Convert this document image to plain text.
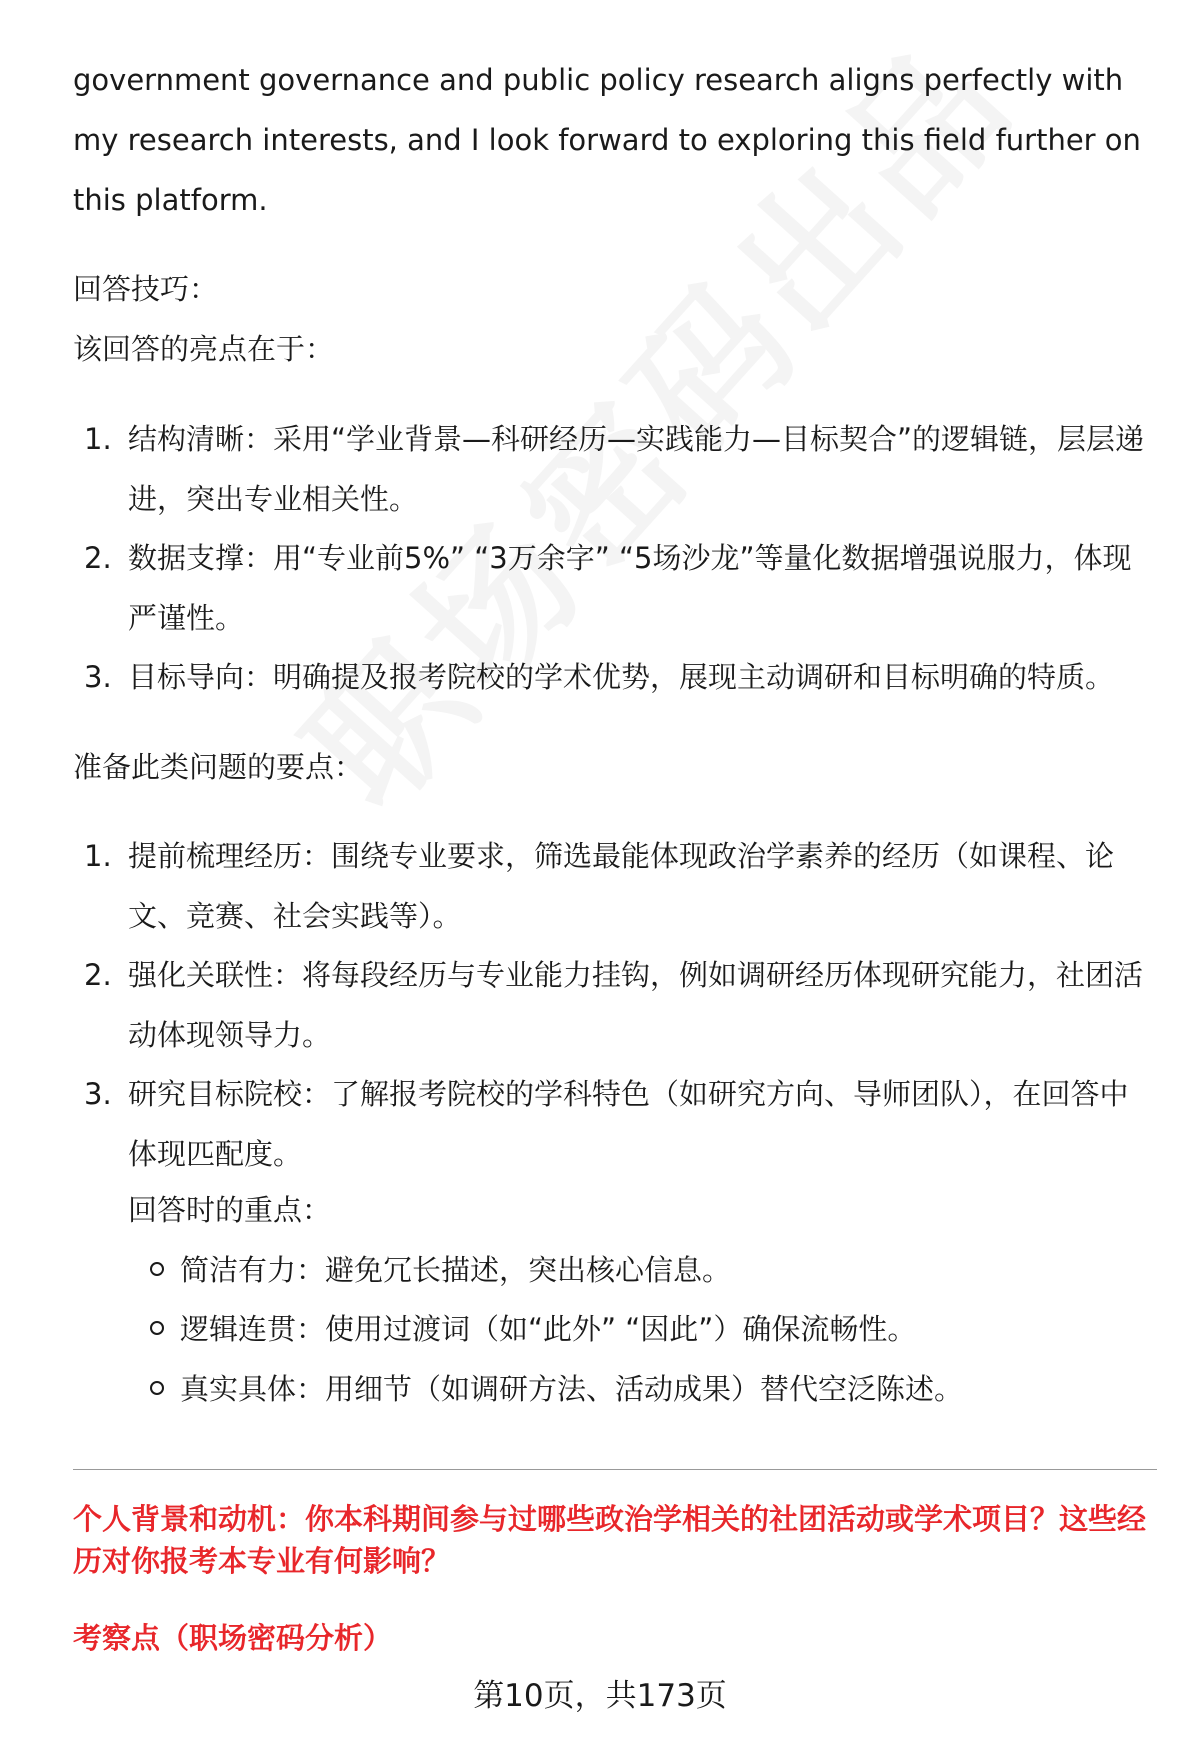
government governance and public policy research aligns perfectly with my research interests, and I look forward to exploring this field further on this platform.

回答技巧：
该回答的亮点在于：
1. 结构清晰：采用“学业背景—科研经历—实践能力—目标契合”的逻辑链，层层递进，突出专业相关性。
2. 数据支撑：用“专业前5%” “3万余字” “5场沙龙”等量化数据增强说服力，体现严谨性。
3. 目标导向：明确提及报考院校的学术优势，展现主动调研和目标明确的特质。
准备此类问题的要点：
1. 提前梳理经历：围绕专业要求，筛选最能体现政治学素养的经历（如课程、论文、竞赛、社会实践等）。
2. 强化关联性：将每段经历与专业能力挂钩，例如调研经历体现研究能力，社团活动体现领导力。
3. 研究目标院校：了解报考院校的学科特色（如研究方向、导师团队），在回答中体现匹配度。
回答时的重点：
简洁有力：避免冗长描述，突出核心信息。
逻辑连贯：使用过渡词（如“此外” “因此”）确保流畅性。
真实具体：用细节（如调研方法、活动成果）替代空泛陈述。
个人背景和动机：你本科期间参与过哪些政治学相关的社团活动或学术项目？这些经历对你报考本专业有何影响？
考察点（职场密码分析）
第10页，共173页
